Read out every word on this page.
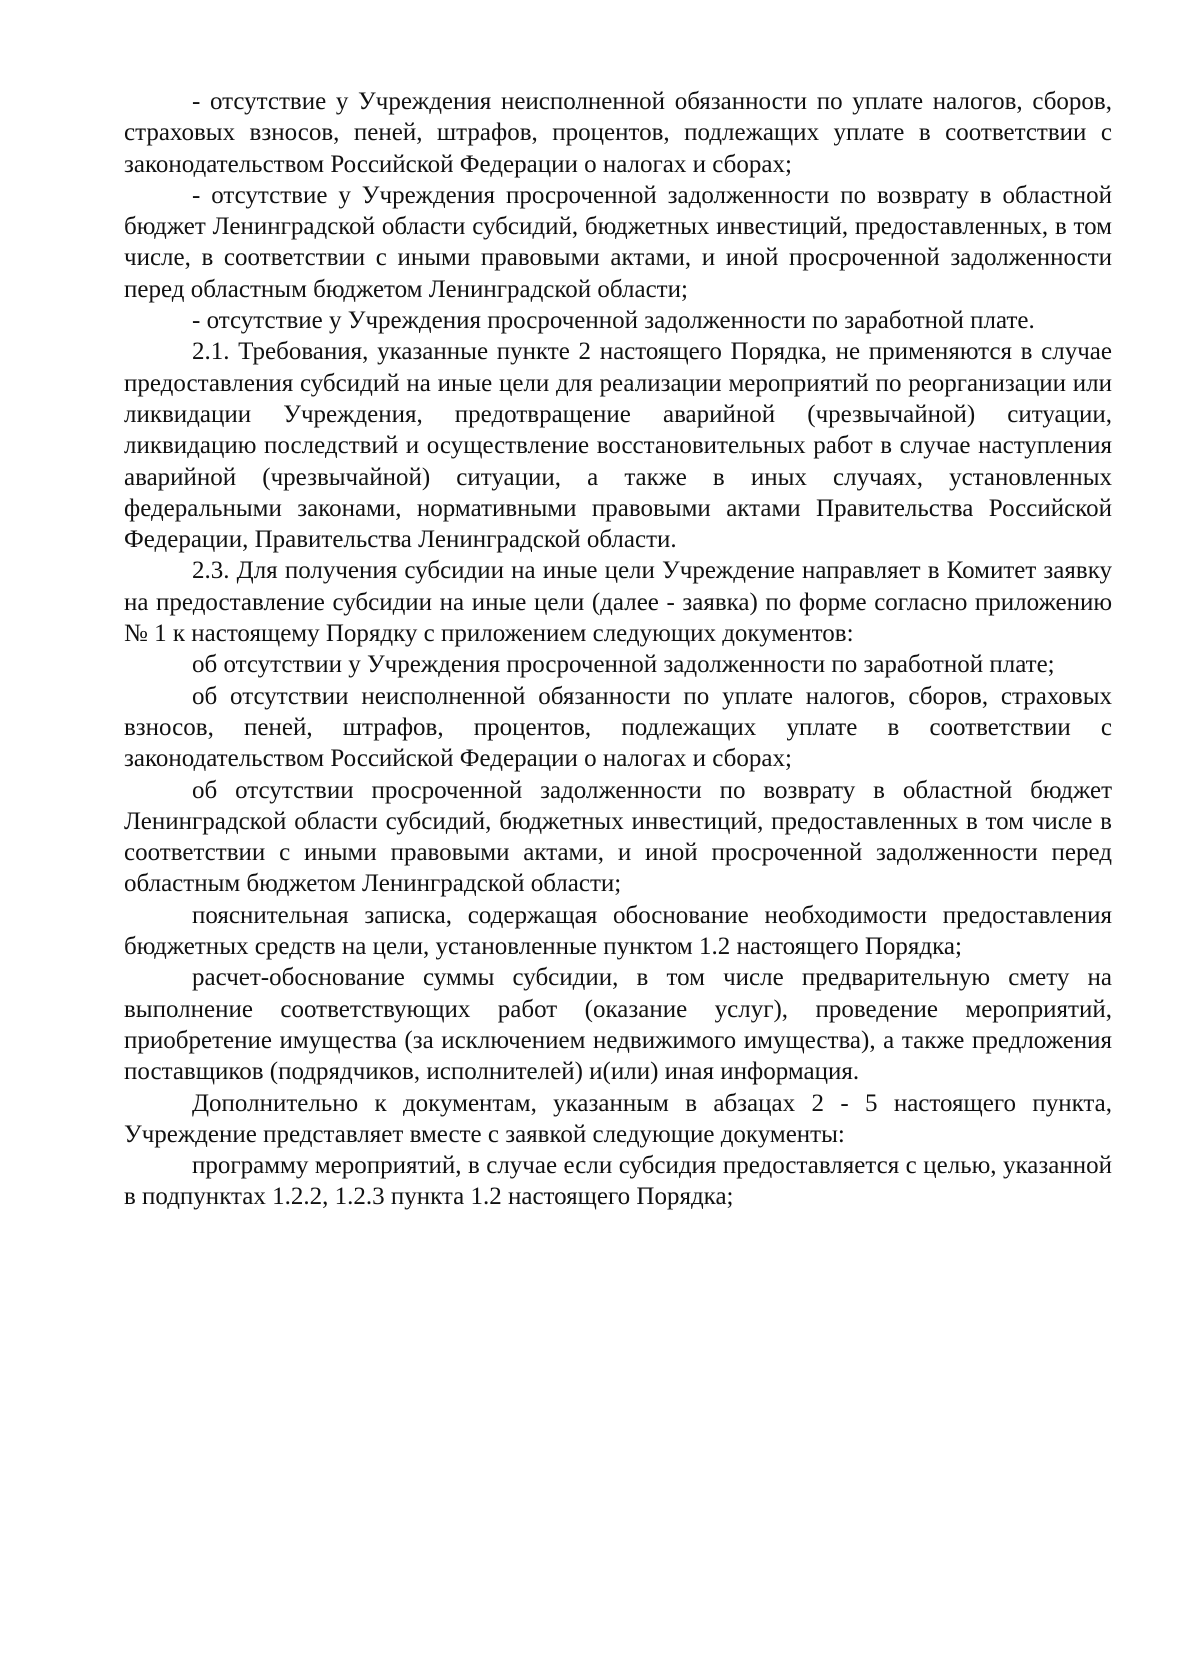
- отсутствие у Учреждения неисполненной обязанности по уплате налогов, сборов, страховых взносов, пеней, штрафов, процентов, подлежащих уплате в соответствии с законодательством Российской Федерации о налогах и сборах;

- отсутствие у Учреждения просроченной задолженности по возврату в областной бюджет Ленинградской области субсидий, бюджетных инвестиций, предоставленных, в том числе, в соответствии с иными правовыми актами, и иной просроченной задолженности перед областным бюджетом Ленинградской области;

- отсутствие у Учреждения просроченной задолженности по заработной плате.

2.1. Требования, указанные пункте 2 настоящего Порядка, не применяются в случае предоставления субсидий на иные цели для реализации мероприятий по реорганизации или ликвидации Учреждения, предотвращение аварийной (чрезвычайной) ситуации, ликвидацию последствий и осуществление восстановительных работ в случае наступления аварийной (чрезвычайной) ситуации, а также в иных случаях, установленных федеральными законами, нормативными правовыми актами Правительства Российской Федерации, Правительства Ленинградской области.

2.3. Для получения субсидии на иные цели Учреждение направляет в Комитет заявку на предоставление субсидии на иные цели (далее - заявка) по форме согласно приложению № 1 к настоящему Порядку с приложением следующих документов:

об отсутствии у Учреждения просроченной задолженности по заработной плате;

об отсутствии неисполненной обязанности по уплате налогов, сборов, страховых взносов, пеней, штрафов, процентов, подлежащих уплате в соответствии с законодательством Российской Федерации о налогах и сборах;

об отсутствии просроченной задолженности по возврату в областной бюджет Ленинградской области субсидий, бюджетных инвестиций, предоставленных в том числе в соответствии с иными правовыми актами, и иной просроченной задолженности перед областным бюджетом Ленинградской области;

пояснительная записка, содержащая обоснование необходимости предоставления бюджетных средств на цели, установленные пунктом 1.2 настоящего Порядка;

расчет-обоснование суммы субсидии, в том числе предварительную смету на выполнение соответствующих работ (оказание услуг), проведение мероприятий, приобретение имущества (за исключением недвижимого имущества), а также предложения поставщиков (подрядчиков, исполнителей) и(или) иная информация.

Дополнительно к документам, указанным в абзацах 2 - 5 настоящего пункта, Учреждение представляет вместе с заявкой следующие документы:

программу мероприятий, в случае если субсидия предоставляется с целью, указанной в подпунктах 1.2.2, 1.2.3 пункта 1.2 настоящего Порядка;
